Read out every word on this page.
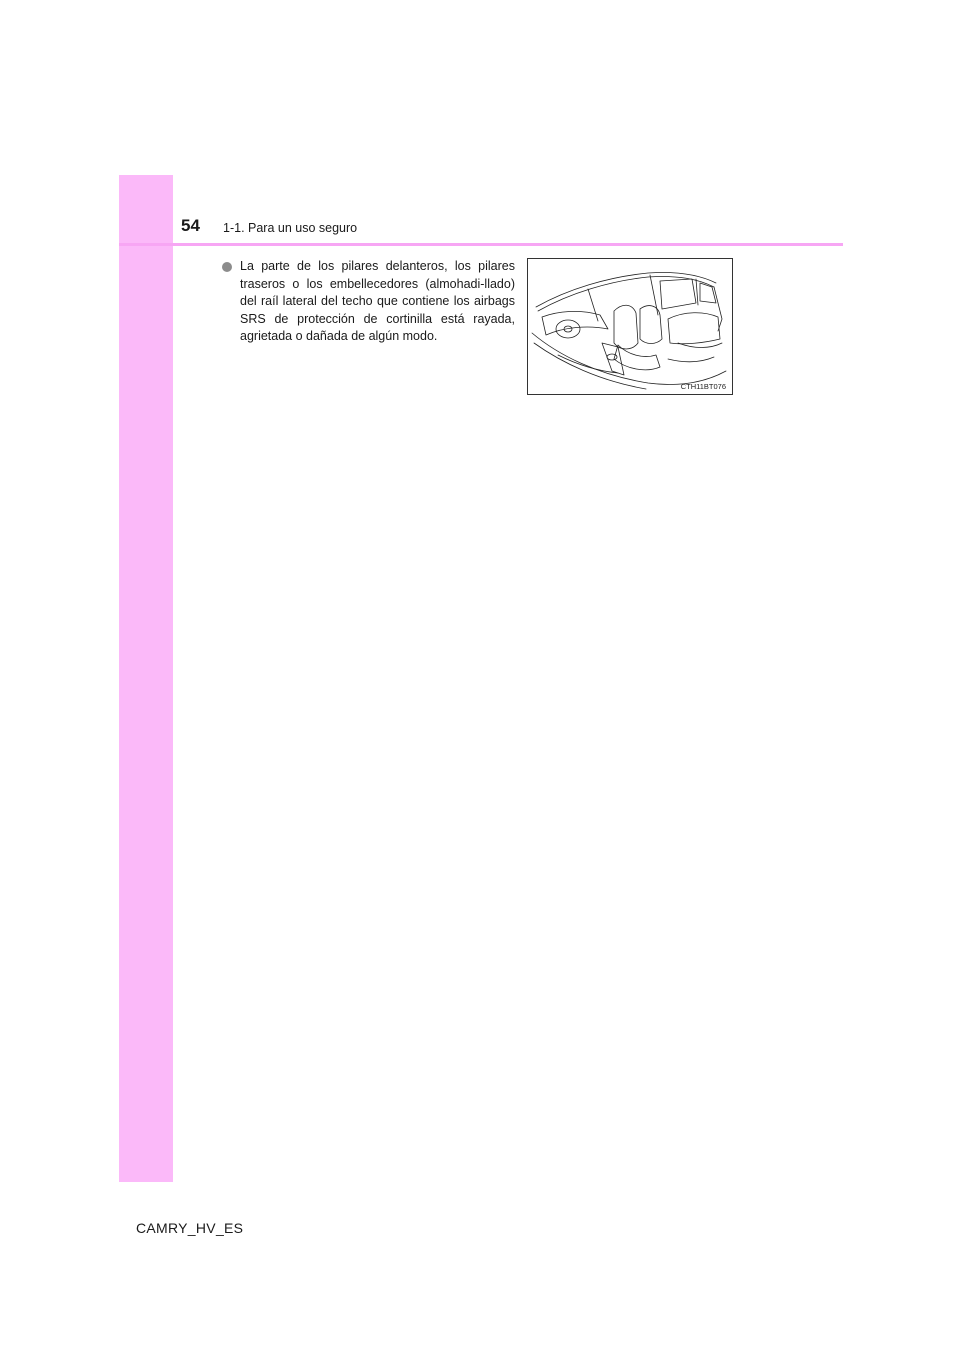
54 1-1. Para un uso seguro
La parte de los pilares delanteros, los pilares traseros o los embellecedores (almohadi-llado) del raíl lateral del techo que contiene los airbags SRS de protección de cortinilla está rayada, agrietada o dañada de algún modo.
CTH11BT076
CAMRY_HV_ES
